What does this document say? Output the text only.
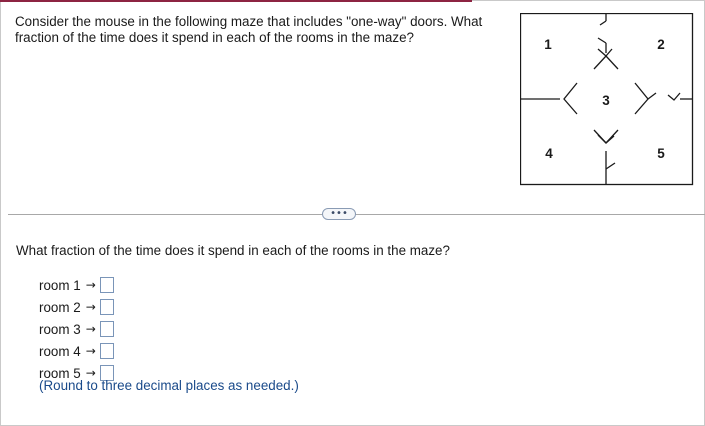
Consider the mouse in the following maze that includes "one-way" doors. What fraction of the time does it spend in each of the rooms in the maze?	1	2
3
4	5
•••
What fraction of the time does it spend in each of the rooms in the maze?
room 1 →
room 2 →
room 3 →
room 4 →
room 5 →
(Round to three decimal places as needed.)
